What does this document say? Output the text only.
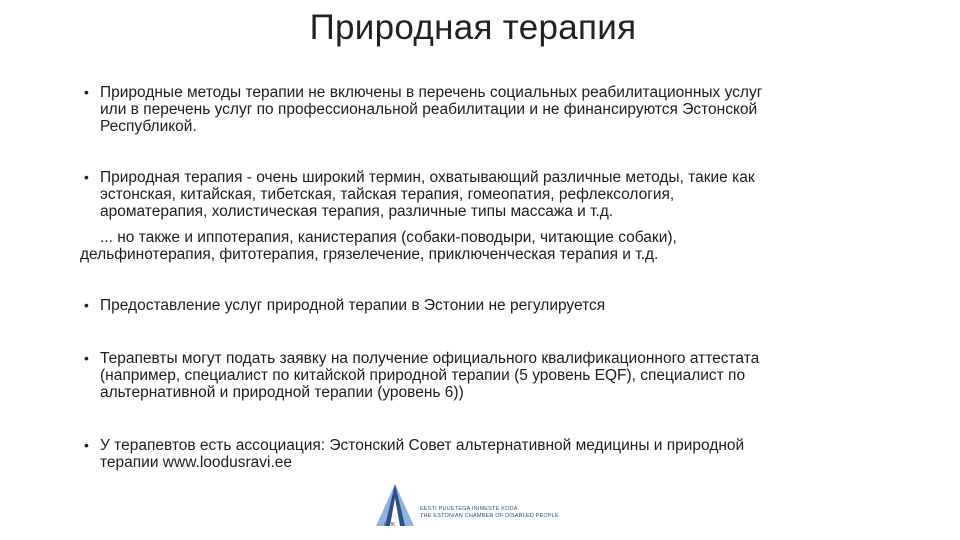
Природная терапия
• Природные методы терапии не включены в перечень социальных реабилитационных услуг
или в перечень услуг по профессиональной реабилитации и не финансируются Эстонской
Республикой.
• Природная терапия - очень широкий термин, охватывающий различные методы, такие как
эстонская, китайская, тибетская, тайская терапия, гомеопатия, рефлексология,
ароматерапия, холистическая терапия, различные типы массажа и т.д.
... но также и иппотерапия, канистерапия (собаки-поводыри, читающие собаки),
дельфинотерапия, фитотерапия, грязелечение, приключенческая терапия и т.д.
• Предоставление услуг природной терапии в Эстонии не регулируется
• Терапевты могут подать заявку на получение официального квалификационного аттестата
(например, специалист по китайской природной терапии (5 уровень EQF), специалист по
альтернативной и природной терапии (уровень 6))
• У терапевтов есть ассоциация: Эстонский Совет альтернативной медицины и природной
терапии www.loodusravi.ee
EPIK
EESTI PUUETEGA INIMESTE KODA
THE ESTONIAN CHAMBER OF DISABLED PEOPLE
